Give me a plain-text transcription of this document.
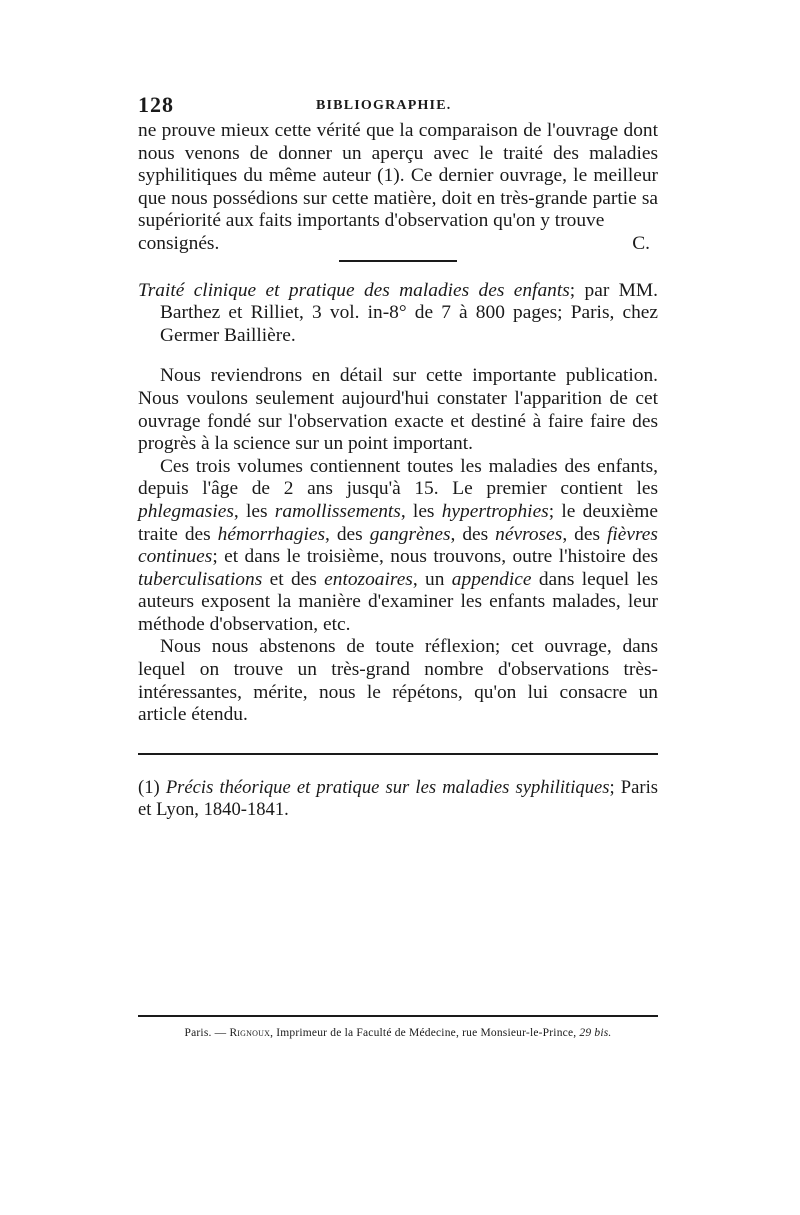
128	BIBLIOGRAPHIE.

ne prouve mieux cette vérité que la comparaison de l'ouvrage dont nous venons de donner un aperçu avec le traité des maladies syphilitiques du même auteur (1). Ce dernier ouvrage, le meilleur que nous possédions sur cette matière, doit en très-grande partie sa supériorité aux faits importants d'observation qu'on y trouve

consignés.	C.

Traité clinique et pratique des maladies des enfants; par MM. Barthez et Rilliet, 3 vol. in-8° de 7 à 800 pages; Paris, chez Germer Baillière.

Nous reviendrons en détail sur cette importante publication. Nous voulons seulement aujourd'hui constater l'apparition de cet ouvrage fondé sur l'observation exacte et destiné à faire faire des progrès à la science sur un point important.

Ces trois volumes contiennent toutes les maladies des enfants, depuis l'âge de 2 ans jusqu'à 15. Le premier contient les phlegmasies, les ramollissements, les hypertrophies; le deuxième traite des hémorrhagies, des gangrènes, des névroses, des fièvres continues; et dans le troisième, nous trouvons, outre l'histoire des tuberculisations et des entozoaires, un appendice dans lequel les auteurs exposent la manière d'examiner les enfants malades, leur méthode d'observation, etc.

Nous nous abstenons de toute réflexion; cet ouvrage, dans lequel on trouve un très-grand nombre d'observations très-intéressantes, mérite, nous le répétons, qu'on lui consacre un article étendu.

(1) Précis théorique et pratique sur les maladies syphilitiques; Paris et Lyon, 1840-1841.

Paris. — Rignoux, Imprimeur de la Faculté de Médecine, rue Monsieur-le-Prince, 29 bis.
